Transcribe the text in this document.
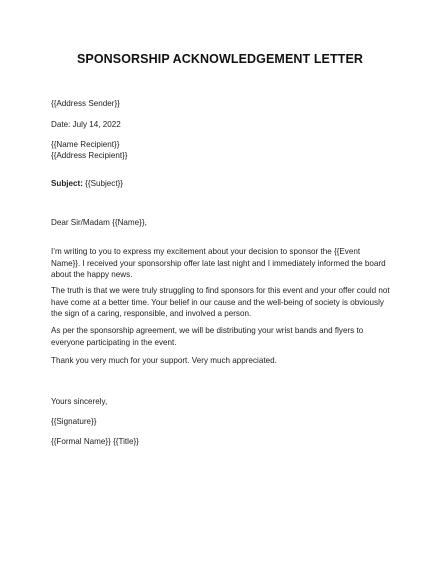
SPONSORSHIP ACKNOWLEDGEMENT LETTER
{{Address Sender}}
Date: July 14, 2022
{{Name Recipient}}
{{Address Recipient}}
Subject: {{Subject}}
Dear Sir/Madam {{Name}},
I’m writing to you to express my excitement about your decision to sponsor the {{Event Name}}. I received your sponsorship offer late last night and I immediately informed the board about the happy news.
The truth is that we were truly struggling to find sponsors for this event and your offer could not have come at a better time. Your belief in our cause and the well-being of society is obviously the sign of a caring, responsible, and involved a person.
As per the sponsorship agreement, we will be distributing your wrist bands and flyers to everyone participating in the event.
Thank you very much for your support. Very much appreciated.
Yours sincerely,
{{Signature}}
{{Formal Name}} {{Title}}
